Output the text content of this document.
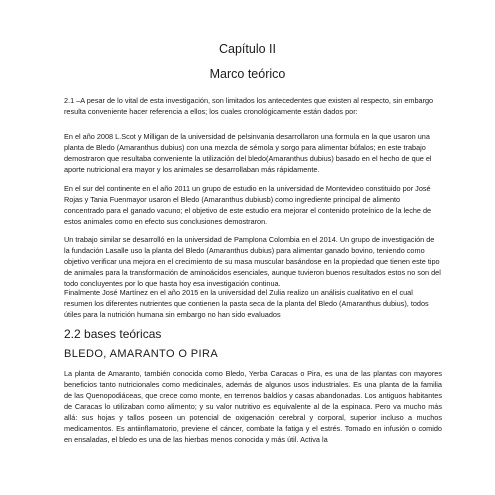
Capítulo II
Marco teórico

2.1 –A pesar de lo vital de esta investigación, son limitados los antecedentes que existen al respecto, sin embargo resulta conveniente hacer referencia a ellos; los cuales cronológicamente están dados por:

En el año 2008 L.Scot y Milligan de la universidad de pelsinvania desarrollaron una formula en la que usaron una planta de Bledo (Amaranthus dubius) con una mezcla de sémola y sorgo para alimentar búfalos; en este trabajo demostraron que resultaba conveniente la utilización del bledo(Amaranthus dubius) basado en el hecho de que el aporte nutricional era mayor y los animales se desarrollaban más rápidamente.

En el sur del continente en el año 2011 un grupo de estudio en la universidad de Montevideo constituido por José Rojas y Tania Fuenmayor usaron el Bledo (Amaranthus dubiusb) como ingrediente principal de alimento concentrado para el ganado vacuno; el objetivo de este estudio era mejorar el contenido proteínico de la leche de estos animales como en efecto sus conclusiones demostraron.

Un trabajo similar se desarrolló en la universidad de Pamplona Colombia en el 2014. Un grupo de investigación de la fundación Lasalle uso la planta del Bledo (Amaranthus dubius) para alimentar ganado bovino, teniendo como objetivo verificar una mejora en el crecimiento de su masa muscular basándose en la propiedad que tienen este tipo de animales para la transformación de aminoácidos esenciales, aunque tuvieron buenos resultados estos no son del todo concluyentes por lo que hasta hoy esa investigación continua.

Finalmente José Martínez en el año 2015 en la universidad del Zulia realizo un análisis cualitativo en el cual resumen los diferentes nutrientes que contienen la pasta seca de la planta del Bledo (Amaranthus dubius), todos útiles para la nutrición humana sin embargo no han sido evaluados

2.2 bases teóricas
BLEDO, AMARANTO O PIRA

La planta de Amaranto, también conocida como Bledo, Yerba Caracas o Pira, es una de las plantas con mayores beneficios tanto nutricionales como medicinales, además de algunos usos industriales. Es una planta de la familia de las Quenopodiáceas, que crece como monte, en terrenos baldíos y casas abandonadas. Los antiguos habitantes de Caracas lo utilizaban como alimento; y su valor nutritivo es equivalente al de la espinaca. Pero va mucho más allá: sus hojas y tallos poseen un potencial de oxigenación cerebral y corporal, superior incluso a muchos medicamentos. Es antiinflamatorio, previene el cáncer, combate la fatiga y el estrés. Tomado en infusión o comido en ensaladas, el bledo es una de las hierbas menos conocida y más útil. Activa la
